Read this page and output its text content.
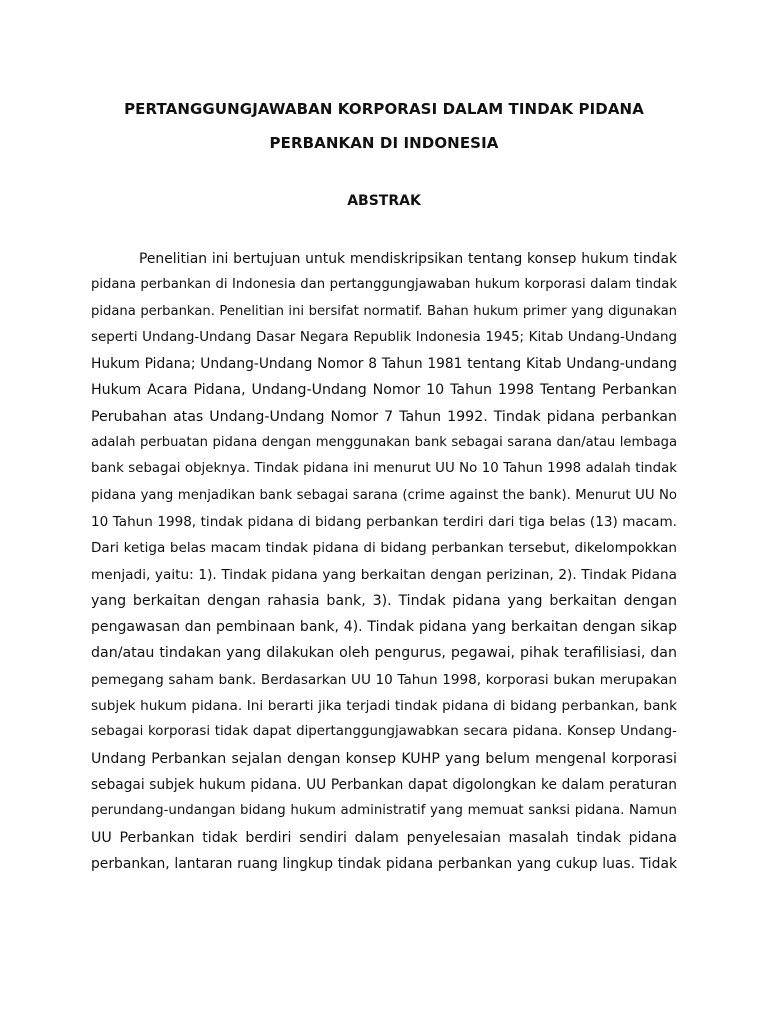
PERTANGGUNGJAWABAN KORPORASI DALAM TINDAK PIDANA
PERBANKAN DI INDONESIA
ABSTRAK
Penelitian ini bertujuan untuk mendiskripsikan tentang konsep hukum tindak
pidana perbankan di Indonesia dan pertanggungjawaban hukum korporasi dalam tindak
pidana perbankan. Penelitian ini bersifat normatif. Bahan hukum primer yang digunakan
seperti Undang-Undang Dasar Negara Republik Indonesia 1945; Kitab Undang-Undang
Hukum Pidana; Undang-Undang Nomor 8 Tahun 1981 tentang Kitab Undang-undang
Hukum Acara Pidana, Undang-Undang Nomor 10 Tahun 1998 Tentang Perbankan
Perubahan atas Undang-Undang Nomor 7 Tahun 1992. Tindak pidana perbankan
adalah perbuatan pidana dengan menggunakan bank sebagai sarana dan/atau lembaga
bank sebagai objeknya. Tindak pidana ini menurut UU No 10 Tahun 1998 adalah tindak
pidana yang menjadikan bank sebagai sarana (crime against the bank). Menurut UU No
10 Tahun 1998, tindak pidana di bidang perbankan terdiri dari tiga belas (13) macam.
Dari ketiga belas macam tindak pidana di bidang perbankan tersebut, dikelompokkan
menjadi, yaitu: 1). Tindak pidana yang berkaitan dengan perizinan, 2). Tindak Pidana
yang berkaitan dengan rahasia bank, 3). Tindak pidana yang berkaitan dengan
pengawasan dan pembinaan bank, 4). Tindak pidana yang berkaitan dengan sikap
dan/atau tindakan yang dilakukan oleh pengurus, pegawai, pihak terafilisiasi, dan
pemegang saham bank. Berdasarkan UU 10 Tahun 1998, korporasi bukan merupakan
subjek hukum pidana. Ini berarti jika terjadi tindak pidana di bidang perbankan, bank
sebagai korporasi tidak dapat dipertanggungjawabkan secara pidana. Konsep Undang-
Undang Perbankan sejalan dengan konsep KUHP yang belum mengenal korporasi
sebagai subjek hukum pidana. UU Perbankan dapat digolongkan ke dalam peraturan
perundang-undangan bidang hukum administratif yang memuat sanksi pidana. Namun
UU Perbankan tidak berdiri sendiri dalam penyelesaian masalah tindak pidana
perbankan, lantaran ruang lingkup tindak pidana perbankan yang cukup luas. Tidak
